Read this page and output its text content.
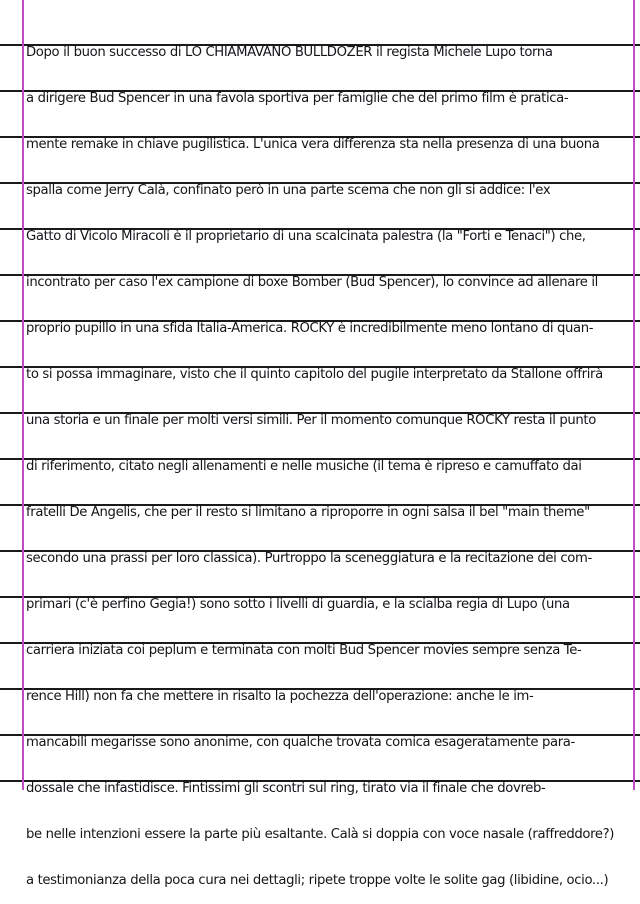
Dopo il buon successo di LO CHIAMAVANO BULLDOZER il regista Michele Lupo torna
a dirigere Bud Spencer in una favola sportiva per famiglie che del primo film è pratica-
mente remake in chiave pugilistica. L'unica vera differenza sta nella presenza di una buona
spalla come Jerry Calà, confinato però in una parte scema che non gli si addice: l'ex
Gatto di Vicolo Miracoli è il proprietario di una scalcinata palestra (la "Forti e Tenaci") che,
incontrato per caso l'ex campione di boxe Bomber (Bud Spencer), lo convince ad allenare il
proprio pupillo in una sfida Italia-America. ROCKY è incredibilmente meno lontano di quan-
to si possa immaginare, visto che il quinto capitolo del pugile interpretato da Stallone offrirà
una storia e un finale per molti versi simili. Per il momento comunque ROCKY resta il punto
di riferimento, citato negli allenamenti e nelle musiche (il tema è ripreso e camuffato dai
fratelli De Angelis, che per il resto si limitano a riproporre in ogni salsa il bel "main theme"
secondo una prassi per loro classica). Purtroppo la sceneggiatura e la recitazione dei com-
primari (c'è perfino Gegia!) sono sotto i livelli di guardia, e la scialba regia di Lupo (una
carriera iniziata coi peplum e terminata con molti Bud Spencer movies sempre senza Te-
rence Hill) non fa che mettere in risalto la pochezza dell'operazione: anche le im-
mancabili megarisse sono anonime, con qualche trovata comica esageratamente para-
dossale che infastidisce. Fintissimi gli scontri sul ring, tirato via il finale che dovreb-
be nelle intenzioni essere la parte più esaltante. Calà si doppia con voce nasale (raffreddore?)
a testimonianza della poca cura nei dettagli; ripete troppe volte le solite gag (libidine, ocio...)
